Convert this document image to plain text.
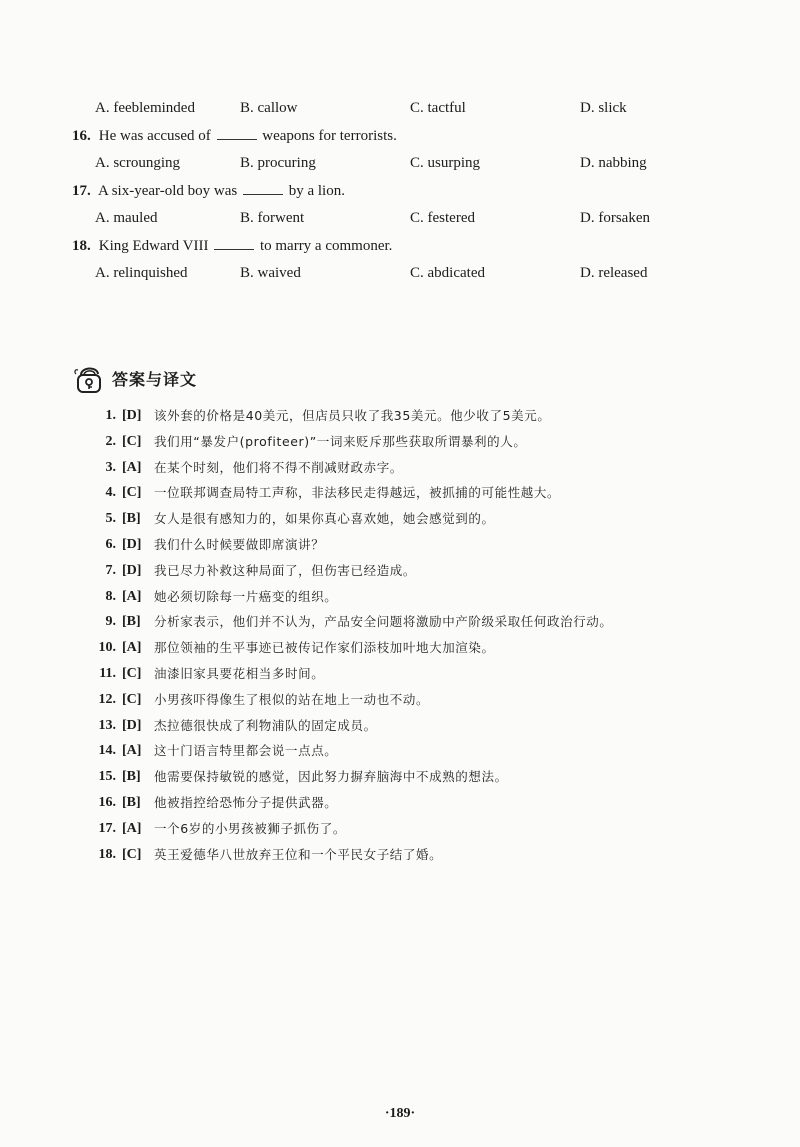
A. feebleminded	B. callow	C. tactful	D. slick
16. He was accused of	weapons for terrorists.
A. scrounging	B. procuring	C. usurping	D. nabbing
17. A six-year-old boy was	by a lion.
A. mauled	B. forwent	C. festered	D. forsaken
18. King Edward VIII	to marry a commoner.
A. relinquished	B. waived	C. abdicated	D. released
答案与译文
1. [D]	该外套的价格是40美元，但店员只收了我35美元。他少收了5美元。
2. [C]	我们用“暴发户(profiteer)”一词来贬斥那些获取所谓暴利的人。
3. [A]	在某个时刻，他们将不得不削减财政赤字。
4. [C]	一位联邦调查局特工声称，非法移民走得越远，被抓捕的可能性越大。
5. [B]	女人是很有感知力的，如果你真心喜欢她，她会感觉到的。
6. [D]	我们什么时候要做即席演讲？
7. [D]	我已尽力补救这种局面了，但伤害已经造成。
8. [A]	她必须切除每一片癌变的组织。
9. [B]	分析家表示，他们并不认为，产品安全问题将激励中产阶级采取任何政治行动。
10. [A]	那位领袖的生平事迹已被传记作家们添枝加叶地大加渲染。
11. [C]	油漆旧家具要花相当多时间。
12. [C]	小男孩吓得像生了根似的站在地上一动也不动。
13. [D]	杰拉德很快成了利物浦队的固定成员。
14. [A]	这十门语言特里都会说一点点。
15. [B]	他需要保持敏锐的感觉，因此努力摒弃脑海中不成熟的想法。
16. [B]	他被指控给恐怖分子提供武器。
17. [A]	一个6岁的小男孩被狮子抓伤了。
18. [C]	英王爱德华八世放弃王位和一个平民女子结了婚。
·189·
